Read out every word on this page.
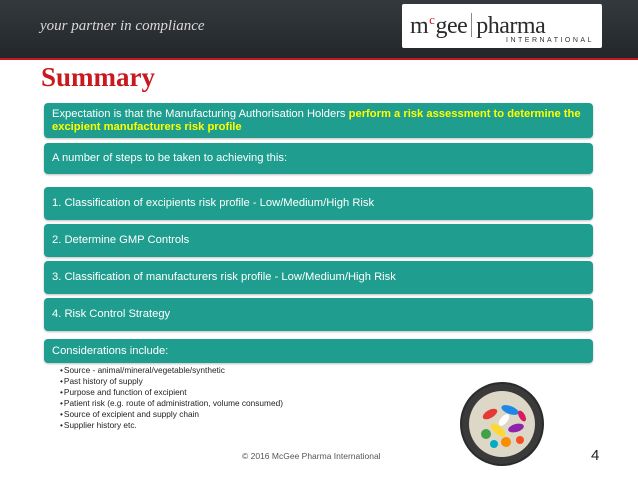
your partner in compliance	$m^cgee$ pharma
INTERNATIONAL
Summary
Expectation is that the Manufacturing Authorisation Holders perform a risk assessment to determine the excipient manufacturers risk profile
A number of steps to be taken to achieving this:
1. Classification of excipients risk profile - Low/Medium/High Risk
2. Determine GMP Controls
3. Classification of manufacturers risk profile - Low/Medium/High Risk
4. Risk Control Strategy
Considerations include:
• Source - animal/mineral/vegetable/synthetic
• Past history of supply
• Purpose and function of excipient
• Patient risk (e.g. route of administration, volume consumed)
• Source of excipient and supply chain
• Supplier history etc.
© 2016 McGee Pharma International	4
